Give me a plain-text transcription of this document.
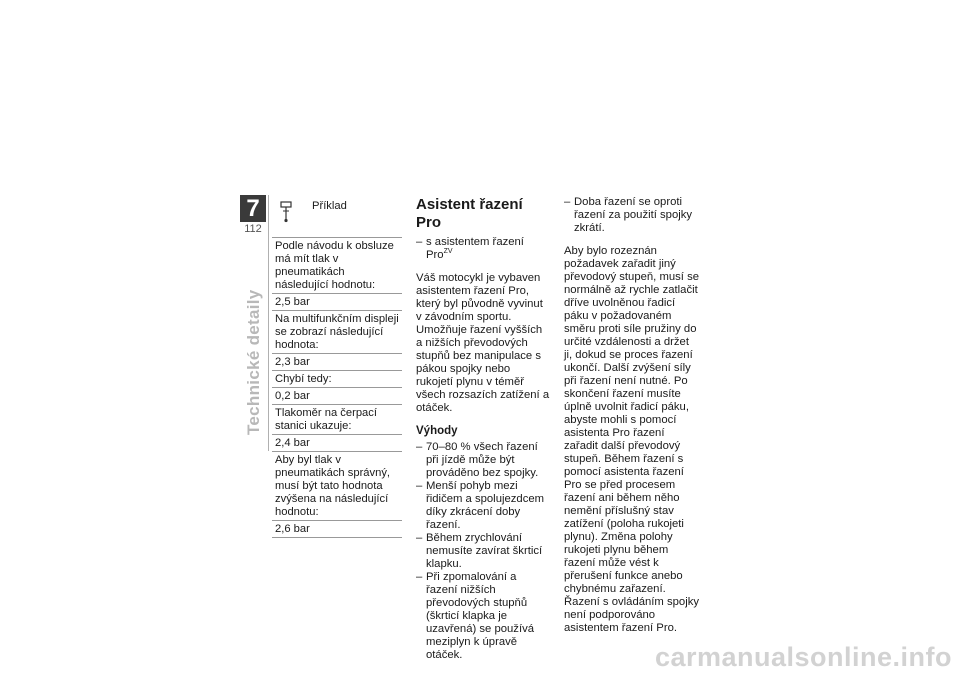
7
112
Technické detaily
Příklad
Podle návodu k obsluze má mít tlak v pneumatikách následující hodnotu:
2,5 bar
Na multifunkčním displeji se zobrazí následující hodnota:
2,3 bar
Chybí tedy:
0,2 bar
Tlakoměr na čerpací stanici ukazuje:
2,4 bar
Aby byl tlak v pneumatikách správný, musí být tato hodnota zvýšena na následující hodnotu:
2,6 bar
Asistent řazení Pro

– s asistentem řazení Pro$^{ZV}$

Váš motocykl je vybaven asistentem řazení Pro, který byl původně vyvinut v závodním sportu. Umožňuje řazení vyšších a nižších převodových stupňů bez manipulace s pákou spojky nebo rukojetí plynu v téměř všech rozsazích zatížení a otáček.

Výhody

– 70–80 % všech řazení při jízdě může být prováděno bez spojky.

– Menší pohyb mezi řidičem a spolujezdcem díky zkrácení doby řazení.

– Během zrychlování nemusíte zavírat škrticí klapku.

– Při zpomalování a řazení nižších převodových stupňů (škrticí klapka je uzavřená) se používá meziplyn k úpravě otáček.

– Doba řazení se oproti řazení za použití spojky zkrátí.

Aby bylo rozeznán požadavek zařadit jiný převodový stupeň, musí se normálně až rychle zatlačit dříve uvolněnou řadicí páku v požadovaném směru proti síle pružiny do určité vzdálenosti a držet ji, dokud se proces řazení ukončí. Další zvýšení síly při řazení není nutné. Po skončení řazení musíte úplně uvolnit řadicí páku, abyste mohli s pomocí asistenta Pro řazení zařadit další převodový stupeň. Během řazení s pomocí asistenta řazení Pro se před procesem řazení ani během něho nemění příslušný stav zatížení (poloha rukojeti plynu). Změna polohy rukojeti plynu během řazení může vést k přerušení funkce anebo chybnému zařazení. Řazení s ovládáním spojky není podporováno asistentem řazení Pro.

carmanualsonline.info
